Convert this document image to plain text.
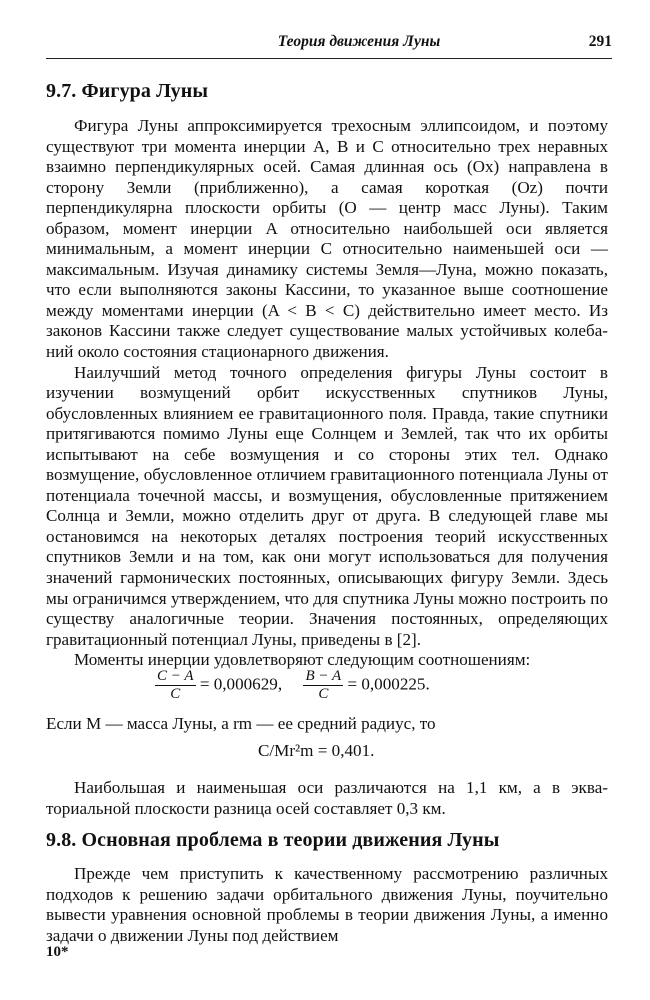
Теория движения Луны	291
9.7. Фигура Луны

Фигура Луны аппроксимируется трехосным эллипсоидом, и поэтому существуют три момента инерции A, B и C относительно трех неравных взаимно перпендикулярных осей. Самая длинная ось (Ox) направлена в сторону Земли (приближенно), а самая короткая (Oz) почти перпендикулярна плоскости орбиты (O — центр масс Луны). Таким образом, момент инерции A относительно наибольшей оси является минимальным, а момент инерции C относительно наименьшей оси — максимальным. Изучая динамику системы Земля—Луна, можно показать, что если выполняются законы Кассини, то указанное выше соотношение между моментами инерции (A < B < C) действительно имеет место. Из законов Кассини также следует существование малых устойчивых колебаний около состояния стационарного движения.

Наилучший метод точного определения фигуры Луны состоит в изучении возмущений орбит искусственных спутников Луны, обусловленных влиянием ее гравитационного поля. Правда, такие спутники притягиваются помимо Луны еще Солнцем и Землей, так что их орбиты испытывают на себе возмущения и со стороны этих тел. Однако возмущение, обусловленное отличием гравитационного потенциала Луны от потенциала точечной массы, и возмущения, обусловленные притяжением Солнца и Земли, можно отделить друг от друга. В следующей главе мы остановимся на некоторых деталях построения теорий искусственных спутников Земли и на том, как они могут использоваться для получения значений гармонических постоянных, описывающих фигуру Земли. Здесь мы ограничимся утверждением, что для спутника Луны можно построить по существу аналогичные теории. Значения постоянных, определяющих гравитационный потенциал Луны, приведены в [2].

Моменты инерции удовлетворяют следующим соотношениям:

$\frac{C - A}{C} = 0,000629$, $\frac{B - A}{C} = 0,000225$.
Если M — масса Луны, а rm — ее средний радиус, то
C/Mr²m = 0,401.

Наибольшая и наименьшая оси различаются на 1,1 км, а в экваториальной плоскости разница осей составляет 0,3 км.

9.8. Основная проблема в теории движения Луны

Прежде чем приступить к качественному рассмотрению различных подходов к решению задачи орбитального движения Луны, поучительно вывести уравнения основной проблемы в теории движения Луны, а именно задачи о движении Луны под действием

10*
